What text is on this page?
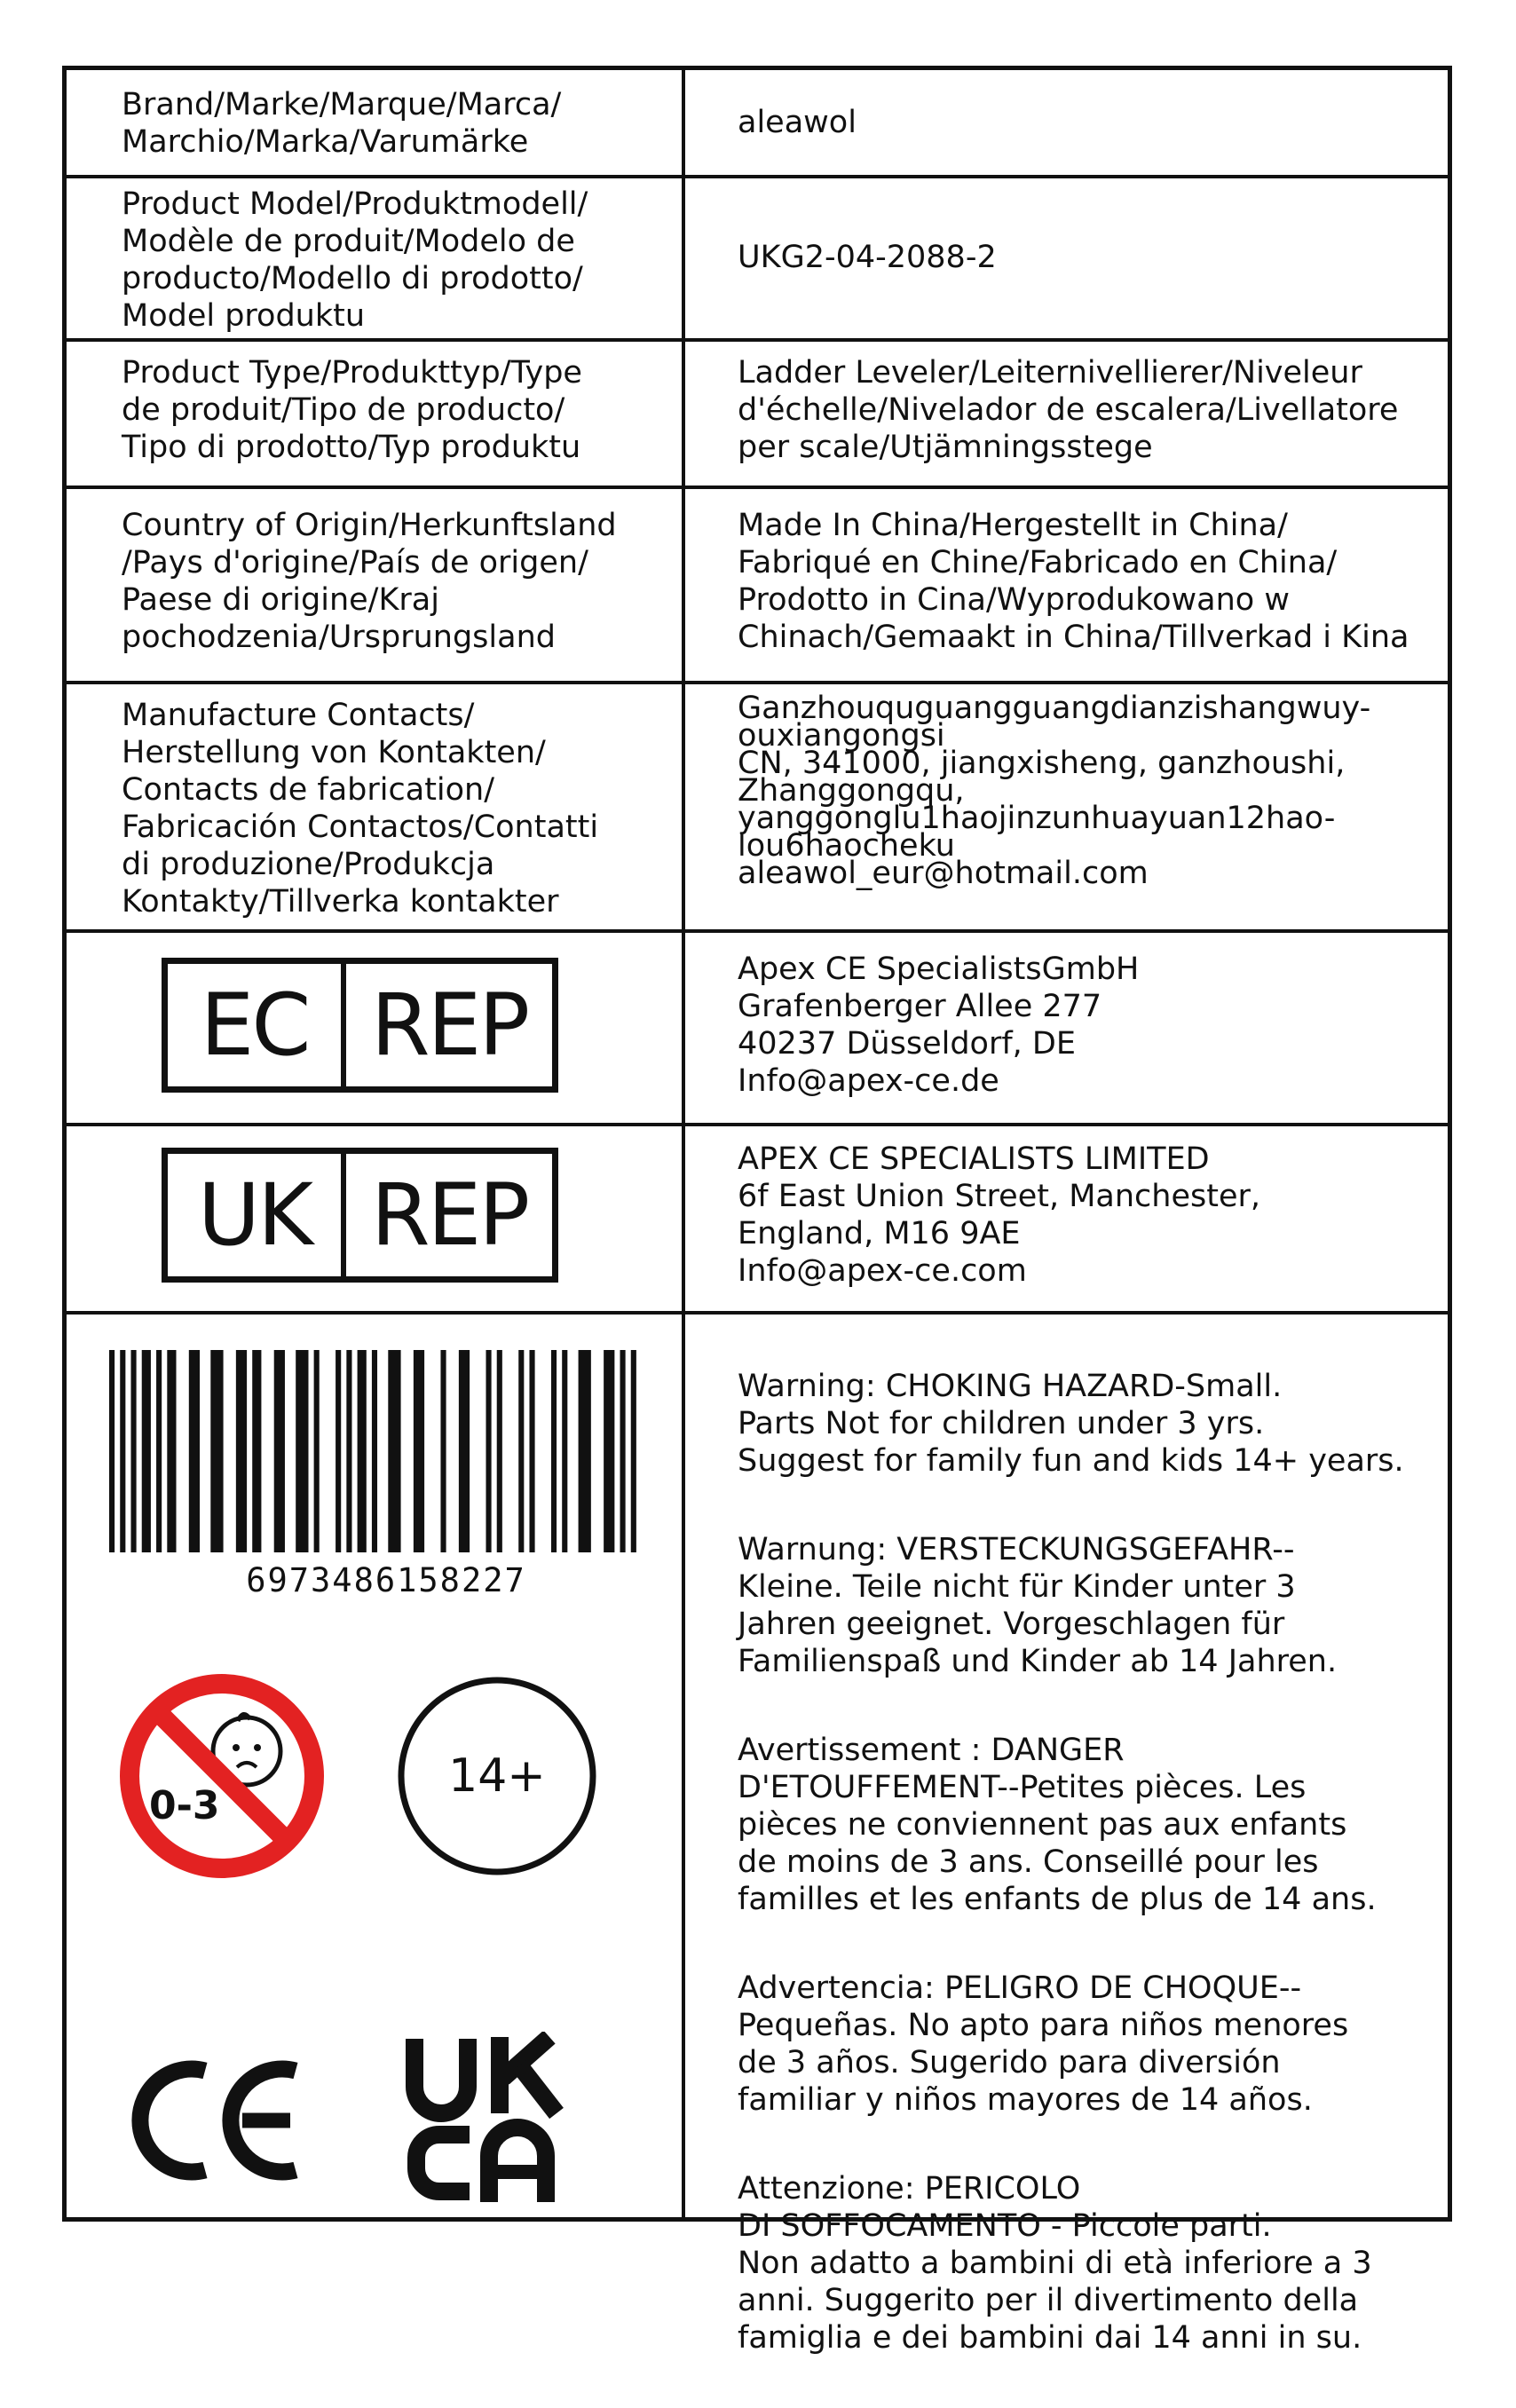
Brand/Marke/Marque/Marca/
Marchio/Marka/Varumärke
aleawol
Product Model/Produktmodell/
Modèle de produit/Modelo de
producto/Modello di prodotto/
Model produktu
UKG2-04-2088-2
Product Type/Produkttyp/Type
de produit/Tipo de producto/
Tipo di prodotto/Typ produktu
Ladder Leveler/Leiternivellierer/Niveleur
d'échelle/Nivelador de escalera/Livellatore
per scale/Utjämningsstege
Country of Origin/Herkunftsland
/Pays d'origine/País de origen/
Paese di origine/Kraj
pochodzenia/Ursprungsland
Made In China/Hergestellt in China/
Fabriqué en Chine/Fabricado en China/
Prodotto in Cina/Wyprodukowano w
Chinach/Gemaakt in China/Tillverkad i Kina
Manufacture Contacts/
Herstellung von Kontakten/
Contacts de fabrication/
Fabricación Contactos/Contatti
di produzione/Produkcja
Kontakty/Tillverka kontakter
Ganzhouquguangguangdianzishangwuy-
ouxiangongsi
CN, 341000, jiangxisheng, ganzhoushi,
Zhanggongqu,
yanggonglu1haojinzunhuayuan12hao-
lou6haocheku
aleawol_eur@hotmail.com
EC REP
Apex CE SpecialistsGmbH
Grafenberger Allee 277
40237 Düsseldorf, DE
Info@apex-ce.de
UK REP
APEX CE SPECIALISTS LIMITED
6f East Union Street, Manchester,
England, M16 9AE
Info@apex-ce.com
6973486158227
0-3
14+

Warning: CHOKING HAZARD-Small.
Parts Not for children under 3 yrs.
Suggest for family fun and kids 14+ years.

Warnung: VERSTECKUNGSGEFAHR--
Kleine. Teile nicht für Kinder unter 3
Jahren geeignet. Vorgeschlagen für
Familienspaß und Kinder ab 14 Jahren.

Avertissement : DANGER
D'ETOUFFEMENT--Petites pièces. Les
pièces ne conviennent pas aux enfants
de moins de 3 ans. Conseillé pour les
familles et les enfants de plus de 14 ans.

Advertencia: PELIGRO DE CHOQUE--
Pequeñas. No apto para niños menores
de 3 años. Sugerido para diversión
familiar y niños mayores de 14 años.

Attenzione: PERICOLO
DI SOFFOCAMENTO - Piccole parti.
Non adatto a bambini di età inferiore a 3
anni. Suggerito per il divertimento della
famiglia e dei bambini dai 14 anni in su.
